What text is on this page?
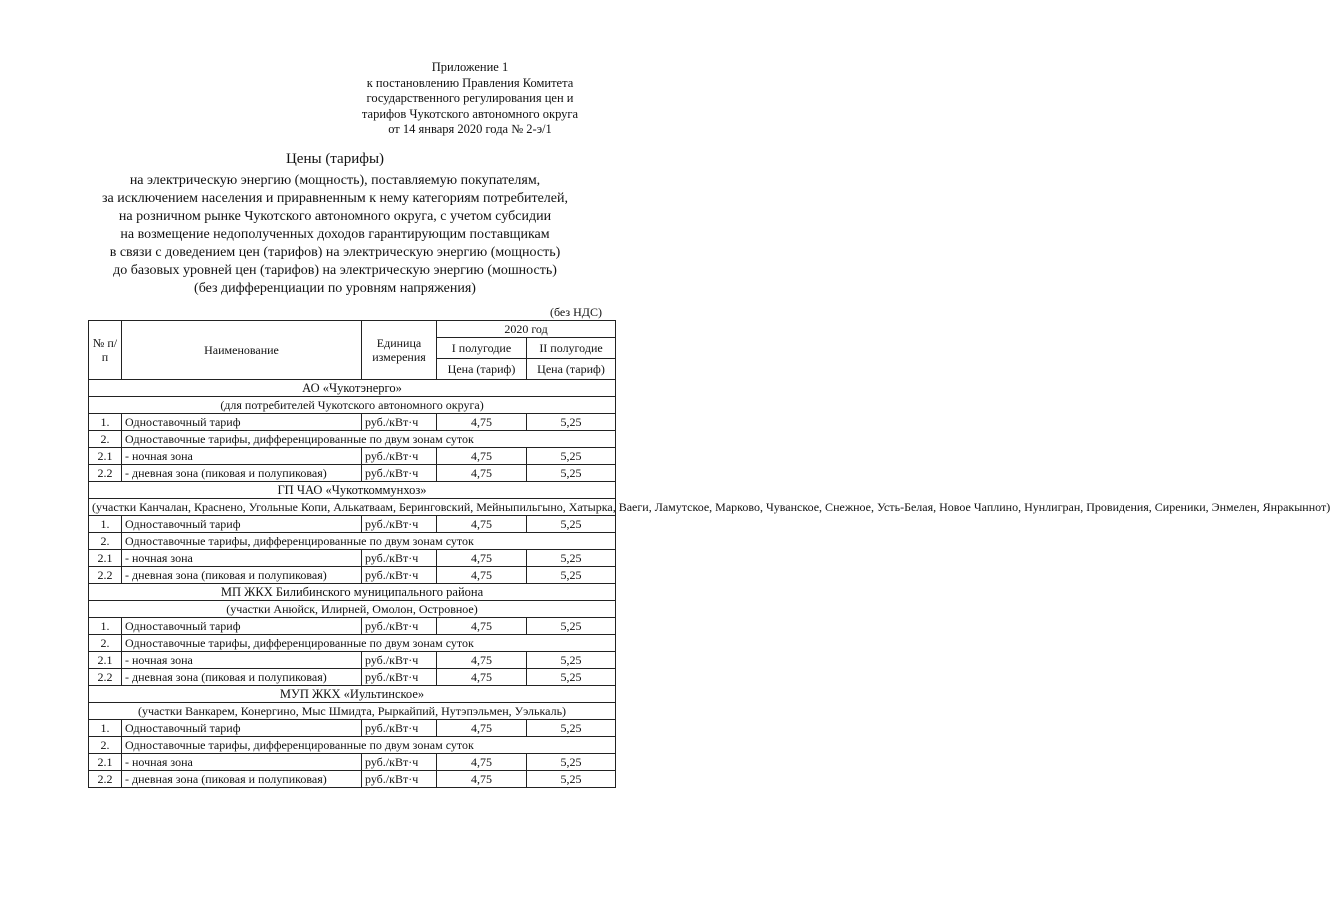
Приложение 1
к постановлению Правления Комитета
государственного регулирования цен и
тарифов Чукотского автономного округа
от 14 января 2020 года № 2-э/1
Цены (тарифы)
на электрическую энергию (мощность), поставляемую покупателям,
за исключением населения и приравненным к нему категориям потребителей,
на розничном рынке Чукотского автономного округа, с учетом субсидии
на возмещение недополученных доходов гарантирующим поставщикам
в связи с доведением цен (тарифов) на электрическую энергию (мощность)
до базовых уровней цен (тарифов) на электрическую энергию (мошность)
(без дифференциации по уровням напряжения)
(без НДС)
№ п/п	Наименование	Единица измерения	2020 год	
			I полугодие	II полугодие
			Цена (тариф)	Цена (тариф)
АО «Чукотэнерго»				
(для потребителей Чукотского автономного округа)				
1.	Одноставочный тариф	руб./кВт·ч	4,75	5,25
2.	Одноставочные тарифы, дифференцированные по двум зонам суток			
2.1	- ночная зона	руб./кВт·ч	4,75	5,25
2.2	- дневная зона (пиковая и полупиковая)	руб./кВт·ч	4,75	5,25
ГП ЧАО «Чукоткоммунхоз»				
(участки Канчалан, Краснено, Угольные Копи, Алькатваам, Беринговский, Мейныпильгыно, Хатырка, Ваеги, Ламутское, Марково, Чуванское, Снежное, Усть-Белая, Новое Чаплино, Нунлигран, Провидения, Сиреники, Энмелен, Янракыннот)				
1.	Одноставочный тариф	руб./кВт·ч	4,75	5,25
2.	Одноставочные тарифы, дифференцированные по двум зонам суток			
2.1	- ночная зона	руб./кВт·ч	4,75	5,25
2.2	- дневная зона (пиковая и полупиковая)	руб./кВт·ч	4,75	5,25
МП ЖКХ Билибинского муниципального района				
(участки Анюйск, Илирней, Омолон, Островное)				
1.	Одноставочный тариф	руб./кВт·ч	4,75	5,25
2.	Одноставочные тарифы, дифференцированные по двум зонам суток			
2.1	- ночная зона	руб./кВт·ч	4,75	5,25
2.2	- дневная зона (пиковая и полупиковая)	руб./кВт·ч	4,75	5,25
МУП ЖКХ «Иультинское»				
(участки Ванкарем, Конергино, Мыс Шмидта, Рыркайпий, Нутэпэльмен, Уэлькаль)				
1.	Одноставочный тариф	руб./кВт·ч	4,75	5,25
2.	Одноставочные тарифы, дифференцированные по двум зонам суток			
2.1	- ночная зона	руб./кВт·ч	4,75	5,25
2.2	- дневная зона (пиковая и полупиковая)	руб./кВт·ч	4,75	5,25
